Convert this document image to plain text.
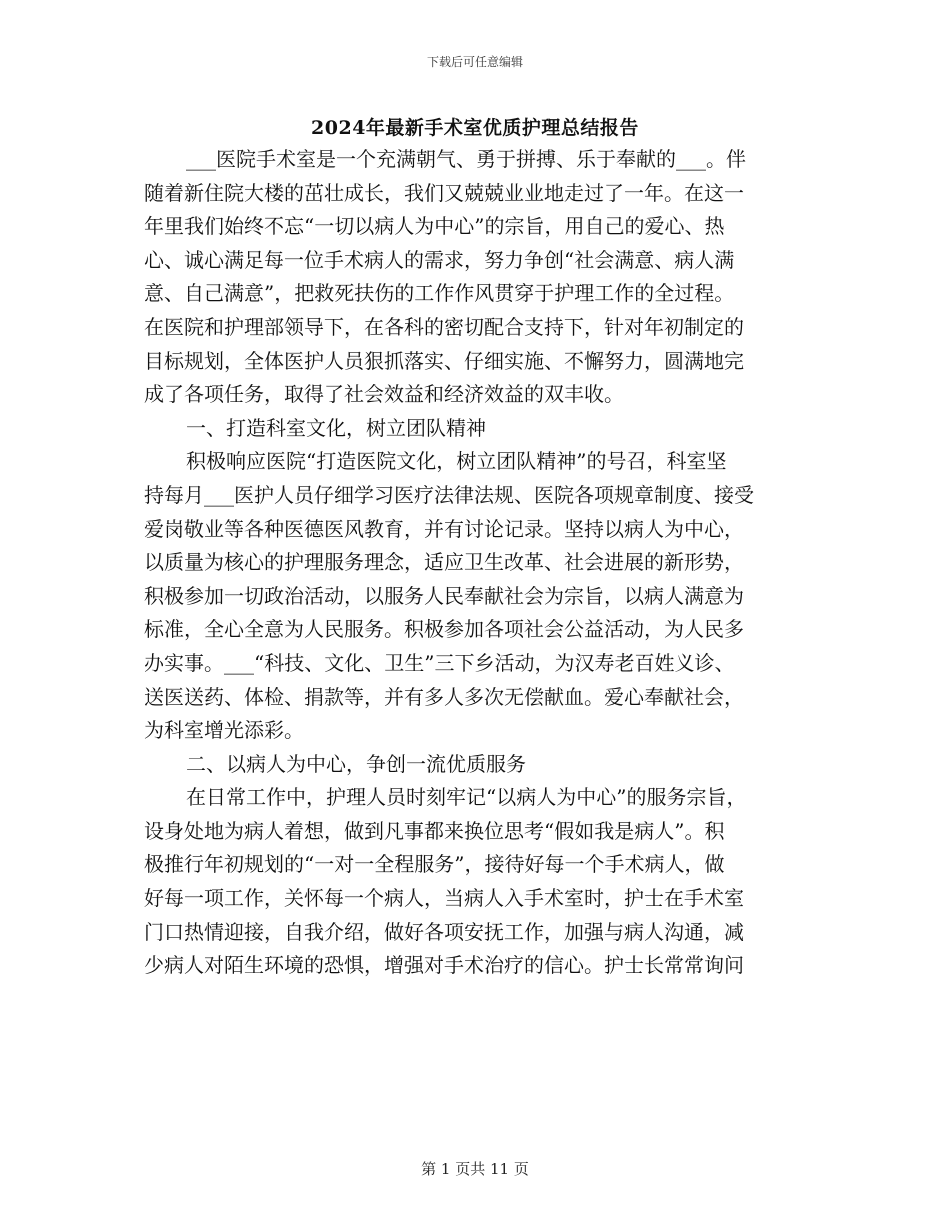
下载后可任意编辑
2024年最新手术室优质护理总结报告

___医院手术室是一个充满朝气、勇于拼搏、乐于奉献的___。伴
随着新住院大楼的茁壮成长，我们又兢兢业业地走过了一年。在这一
年里我们始终不忘“一切以病人为中心”的宗旨，用自己的爱心、热
心、诚心满足每一位手术病人的需求，努力争创“社会满意、病人满
意、自己满意”，把救死扶伤的工作作风贯穿于护理工作的全过程。
在医院和护理部领导下，在各科的密切配合支持下，针对年初制定的
目标规划，全体医护人员狠抓落实、仔细实施、不懈努力，圆满地完
成了各项任务，取得了社会效益和经济效益的双丰收。

一、打造科室文化，树立团队精神

积极响应医院“打造医院文化，树立团队精神”的号召，科室坚
持每月___医护人员仔细学习医疗法律法规、医院各项规章制度、接受
爱岗敬业等各种医德医风教育，并有讨论记录。坚持以病人为中心，
以质量为核心的护理服务理念，适应卫生改革、社会进展的新形势，
积极参加一切政治活动，以服务人民奉献社会为宗旨，以病人满意为
标准，全心全意为人民服务。积极参加各项社会公益活动，为人民多
办实事。___“科技、文化、卫生”三下乡活动，为汉寿老百姓义诊、
送医送药、体检、捐款等，并有多人多次无偿献血。爱心奉献社会，
为科室增光添彩。

二、以病人为中心，争创一流优质服务

在日常工作中，护理人员时刻牢记“以病人为中心”的服务宗旨，
设身处地为病人着想，做到凡事都来换位思考“假如我是病人”。积
极推行年初规划的“一对一全程服务”，接待好每一个手术病人，做
好每一项工作，关怀每一个病人，当病人入手术室时，护士在手术室
门口热情迎接，自我介绍，做好各项安抚工作，加强与病人沟通，减
少病人对陌生环境的恐惧，增强对手术治疗的信心。护士长常常询问

第 1 页共 11 页
